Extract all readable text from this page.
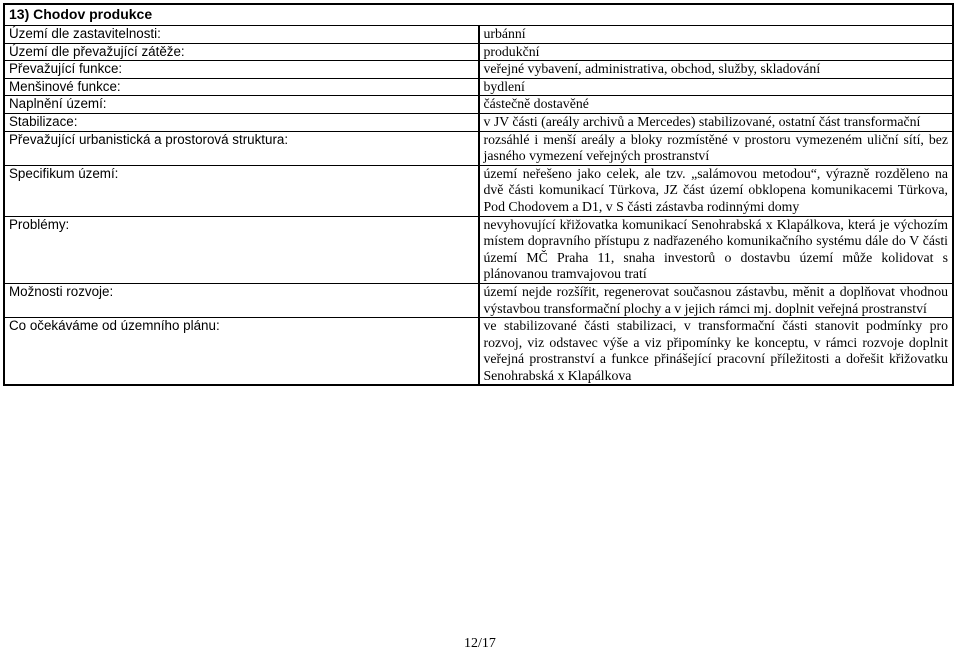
13) Chodov produkce	
Území dle zastavitelnosti:	urbánní
Území dle převažující zátěže:	produkční
Převažující funkce:	veřejné vybavení, administrativa, obchod, služby, skladování
Menšinové funkce:	bydlení
Naplnění území:	částečně dostavěné
Stabilizace:	v JV části (areály archivů a Mercedes) stabilizované, ostatní část transformační
Převažující urbanistická a prostorová struktura:	rozsáhlé i menší areály a bloky rozmístěné v prostoru vymezeném uliční sítí, bez jasného vymezení veřejných prostranství
Specifikum území:	území neřešeno jako celek, ale tzv. „salámovou metodou“, výrazně rozděleno na dvě části komunikací Türkova, JZ část území obklopena komunikacemi Türkova, Pod Chodovem a D1, v S části zástavba rodinnými domy
Problémy:	nevyhovující křižovatka komunikací Senohrabská x Klapálkova, která je výchozím místem dopravního přístupu z nadřazeného komunikačního systému dále do V části území MČ Praha 11, snaha investorů o dostavbu území může kolidovat s plánovanou tramvajovou tratí
Možnosti rozvoje:	území nejde rozšířit, regenerovat současnou zástavbu, měnit a doplňovat vhodnou výstavbou transformační plochy a v jejich rámci mj. doplnit veřejná prostranství
Co očekáváme od územního plánu:	ve stabilizované části stabilizaci, v transformační části stanovit podmínky pro rozvoj, viz odstavec výše a viz připomínky ke konceptu, v rámci rozvoje doplnit veřejná prostranství a funkce přinášející pracovní příležitosti a dořešit křižovatku Senohrabská x Klapálkova
12/17
